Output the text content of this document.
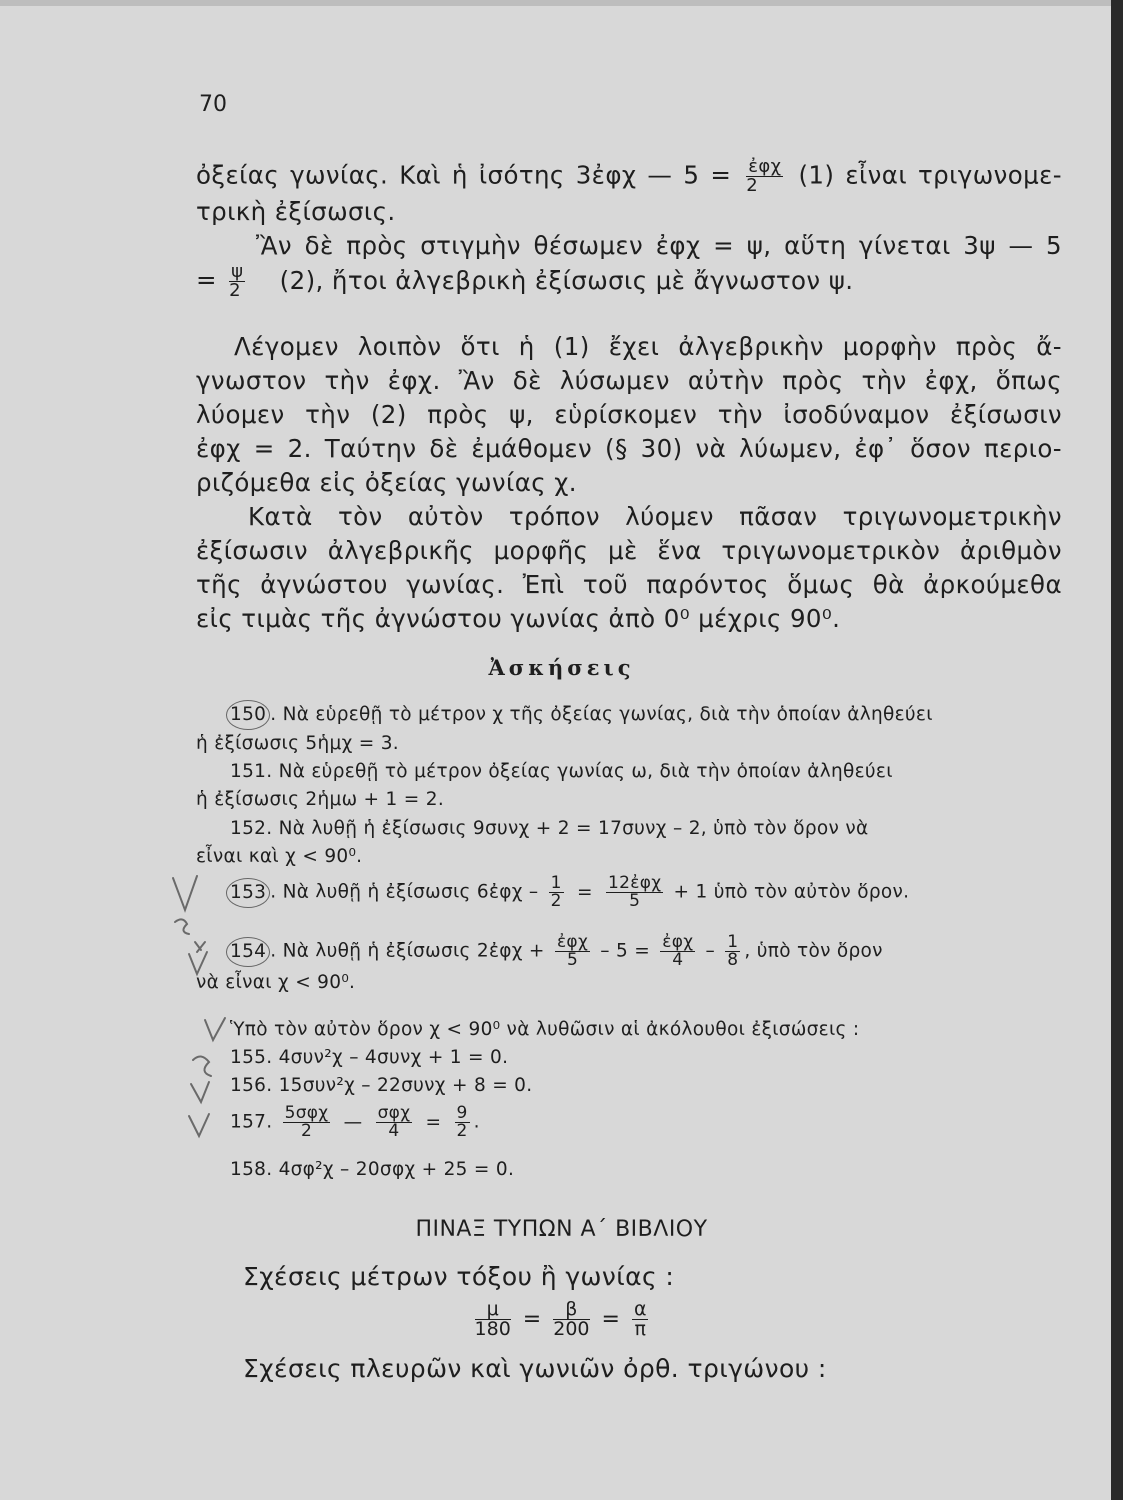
70
ὀξείας γωνίας. Καὶ ἡ ἰσότης 3ἐφχ — $5 = \frac{\text{ἐφχ}}{2} (1)$ εἶναι τριγωνομε-
τρικὴ ἐξίσωσις.
Ἂν δὲ πρὸς στιγμὴν θέσωμεν ἐφχ = ψ, αὕτη γίνεται 3ψ — 5
= $\frac{\psi}{2} (2)$, ἤτοι ἀλγεβρικὴ ἐξίσωσις μὲ ἄγνωστον ψ.
Λέγομεν λοιπὸν ὅτι ἡ (1) ἔχει ἀλγεβρικὴν μορφὴν πρὸς ἄ-
γνωστον τὴν ἐφχ. Ἂν δὲ λύσωμεν αὐτὴν πρὸς τὴν ἐφχ, ὅπως
λύομεν τὴν (2) πρὸς ψ, εὑρίσκομεν τὴν ἰσοδύναμον ἐξίσωσιν
ἐφχ = 2. Ταύτην δὲ ἐμάθομεν (§ 30) νὰ λύωμεν, ἐφ᾽ ὅσον περιο-
ριζόμεθα εἰς ὀξείας γωνίας χ.
Κατὰ τὸν αὐτὸν τρόπον λύομεν πᾶσαν τριγωνομετρικὴν
ἐξίσωσιν ἀλγεβρικῆς μορφῆς μὲ ἕνα τριγωνομετρικὸν ἀριθμὸν
τῆς ἀγνώστου γωνίας. Ἐπὶ τοῦ παρόντος ὅμως θὰ ἀρκούμεθα
εἰς τιμὰς τῆς ἀγνώστου γωνίας ἀπὸ 0⁰ μέχρις 90⁰.
Ἀσκήσεις
150 . Νὰ εὑρεθῇ τὸ μέτρον χ τῆς ὀξείας γωνίας, διὰ τὴν ὁποίαν ἀληθεύει
ἡ ἐξίσωσις 5ἡμχ = 3.
151. Νὰ εὑρεθῇ τὸ μέτρον ὀξείας γωνίας ω, διὰ τὴν ὁποίαν ἀληθεύει
ἡ ἐξίσωσις 2ἡμω + 1 = 2.
152. Νὰ λυθῇ ἡ ἐξίσωσις 9συνχ + 2 = 17συνχ – 2, ὑπὸ τὸν ὅρον νὰ
εἶναι καὶ χ < 90⁰.
153 . Νὰ λυθῇ ἡ ἐξίσωσις 6ἐφχ – $\frac{1}{2} = \frac{\text{12ἐφχ}}{5} + 1$ ὑπὸ τὸν αὐτὸν ὅρον.
154 . Νὰ λυθῇ ἡ ἐξίσωσις 2ἐφχ + $\frac{\text{ἐφχ}}{5} - 5 = \frac{\text{ἐφχ}}{4} - \frac{1}{8}$ , ὑπὸ τὸν ὅρον
νὰ εἶναι χ < 90⁰.
Ὑπὸ τὸν αὐτὸν ὅρον χ < 90⁰ νὰ λυθῶσιν αἱ ἀκόλουθοι ἐξισώσεις :
155. 4συν²χ – 4συνχ + 1 = 0.
156. 15συν²χ – 22συνχ + 8 = 0.
157. $\frac{\text{5σφχ}}{2}$ — $\frac{\text{σφχ}}{4} = \frac{9}{2}$ .
158. 4σφ²χ – 20σφχ + 25 = 0.
ΠΙΝΑΞ ΤΥΠΩΝ Α΄ ΒΙΒΛΙΟΥ
Σχέσεις μέτρων τόξου ἢ γωνίας :
$\frac{\mu}{180} = \frac{\beta}{200} = \frac{\alpha}{\pi}$
Σχέσεις πλευρῶν καὶ γωνιῶν ὀρθ. τριγώνου :
